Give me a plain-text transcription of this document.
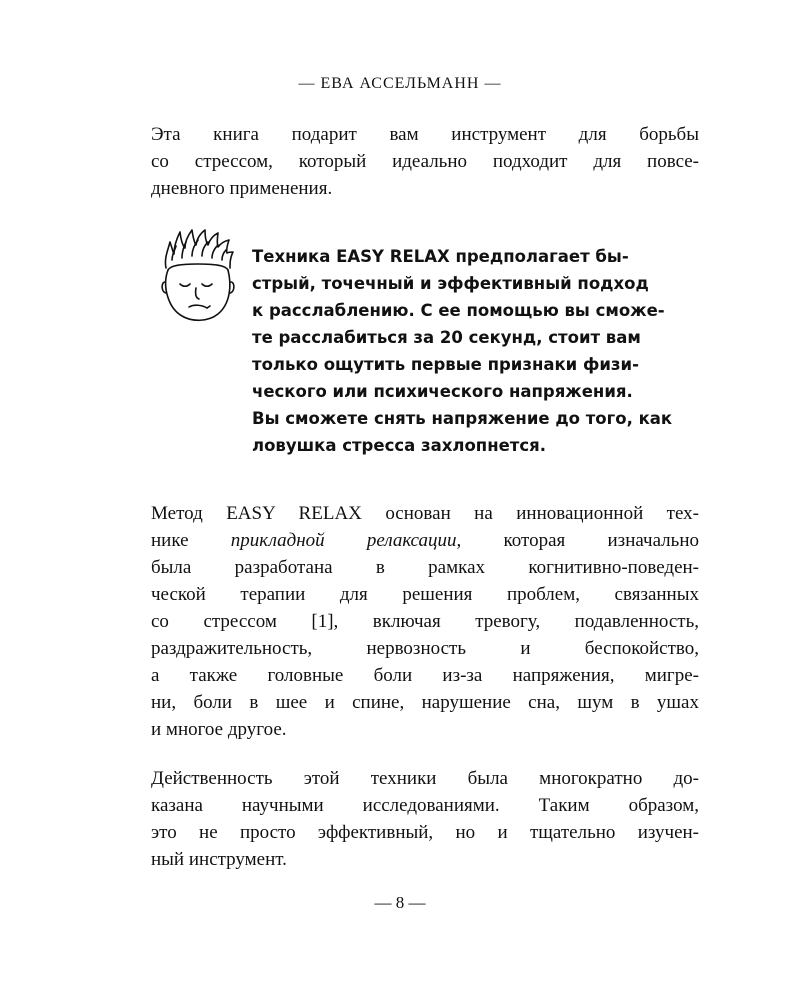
— ЕВА АССЕЛЬМАНН —
Эта книга подарит вам инструмент для борьбы
со стрессом, который идеально подходит для повсе-
дневного применения.
Техника EASY RELAX предполагает бы-
стрый, точечный и эффективный подход
к расслаблению. С ее помощью вы сможе-
те расслабиться за 20 секунд, стоит вам
только ощутить первые признаки физи-
ческого или психического напряжения.
Вы сможете снять напряжение до того, как
ловушка стресса захлопнется.
Метод EASY RELAX основан на инновационной тех-
нике прикладной релаксации, которая изначально
была разработана в рамках когнитивно-поведен-
ческой терапии для решения проблем, связанных
со стрессом [1], включая тревогу, подавленность,
раздражительность, нервозность и беспокойство,
а также головные боли из-за напряжения, мигре-
ни, боли в шее и спине, нарушение сна, шум в ушах
и многое другое.
Действенность этой техники была многократно до-
казана научными исследованиями. Таким образом,
это не просто эффективный, но и тщательно изучен-
ный инструмент.
— 8 —
